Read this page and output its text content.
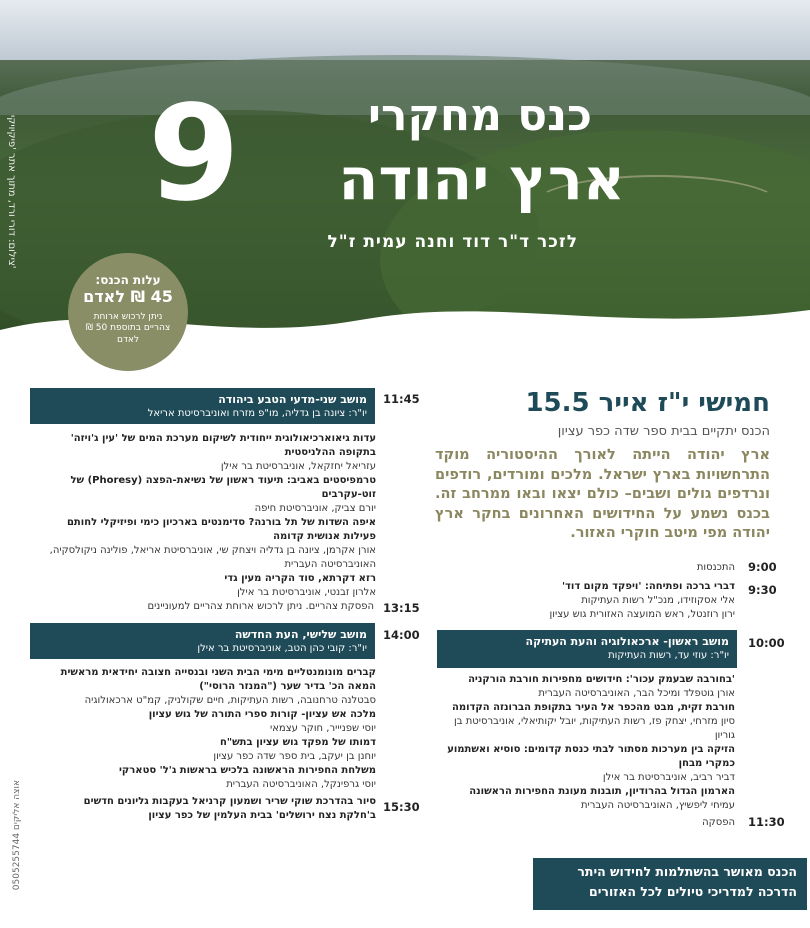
צילום: דורי ורד, מתוך אתר 'פיקיויקי'
9	כנס מחקרי
ארץ יהודה
לזכר ד"ר דוד וחנה עמית ז"ל
עלות הכנס:
45 ₪ לאדם
ניתן לרכוש ארוחת צהריים בתוספת 50 ₪ לאדם
חמישי י"ז אייר 15.5
הכנס יתקיים בבית ספר שדה כפר עציון
ארץ יהודה הייתה לאורך ההיסטוריה מוקד התרחשויות בארץ ישראל. מלכים ומורדים, רודפים ונרדפים גולים ושבים– כולם יצאו ובאו ממרחב זה. בכנס נשמע על החידושים האחרונים בחקר ארץ יהודה מפי מיטב חוקרי האזור.
9:00
התכנסות
9:30
דברי ברכה ופתיחה: 'ויפקד מקום דוד'
אלי אסקוזידו, מנכ"ל רשות העתיקות
ירון רוזנטל, ראש המועצה האזורית גוש עציון
מושב ראשון- ארכאולוגיה והעת העתיקה
יו"ר: עוזי עד, רשות העתיקות
10:00
'בחורבה שבעמק עכור': חידושים מחפירות חורבת הורקניה
אורן גוטפלד ומיכל הבר, האוניברסיטה העברית
חורבת זקית, מבט מהכפר אל העיר בתקופת הברונזה הקדומה
סיון מזרחי, יצחק פז, רשות העתיקות, יובל יקותיאלי, אוניברסיטת בן גוריון
הזיקה בין מערכות מסתור לבתי כנסת קדומים: סוסיא ואשתמוע כמקרי מבחן
דביר רביב, אוניברסיטת בר אילן
הארמון הגדול בהרודיון, תובנות מעונת החפירות הראשונה
עמיחי ליפשיץ, האוניברסיטה העברית
11:30
הפסקה
הכנס מאושר בהשתלמות לחידוש היתר
הדרכה למדריכי טיולים לכל האזורים
מושב שני-מדעי הטבע ביהודה
יו"ר: ציונה בן גדליה, מו"פ מזרח ואוניברסיטת אריאל
11:45
עדות גיאוארכיאולוגית ייחודית לשיקום מערכת המים של 'עין ג'ויזה' בתקופה ההלניסטית
עזריאל יחזקאל, אוניברסיטת בר אילן
טרמפיסטים באביב: תיעוד ראשון של נשיאת-הפצה (Phoresy) של זוט-עקרבים
יורם צביק, אוניברסיטת חיפה
איפה השדות של תל בורנה? סדימנטים בארכיון כימי ופיזיקלי לחותם פעילות אנושית קדומה
אורן אקרמן, ציונה בן גדליה ויצחק שי, אוניברסיטת אריאל, פולינה ניקולסקיה, האוניברסיטה העברית
רזא דקרתא, סוד הקריה מעין גדי
אלרון זבנטי, אוניברסיטת בר אילן
13:15
הפסקת צהריים. ניתן לרכוש ארוחת צהריים למעוניינים
מושב שלישי, העת החדשה
יו"ר: קובי כהן הטב, אוניברסיטת בר אילן
14:00
קברים מונומנטליים מימי הבית השני ובנסייה חצובה יחידאית מראשית המאה הכ' בדיר שער ("המנזר הרוסי")
סבטלנה טרחנובה, רשות העתיקות, חיים שקולניק, קמ"ט ארכאולוגיה
מלכה אש עציון- קורות ספרי התורה של גוש עציון
יוסי שפניייר, חוקר עצמאי
דמותו של מפקד גוש עציון בתש"ח
יוחנן בן יעקב, בית ספר שדה כפר עציון
משלחת החפירות הראשונה בלכיש בראשות ג'ל' סטארקי
יוסי גרפינקל, האוניברסיטה העברית
15:30
סיור בהדרכת שוקי שריר ושמעון קרניאל בעקבות גליונים חדשים
ב'חלקת נצח ירושלים' בבית העלמין של כפר עציון
אוצה אליקים 0505255744
